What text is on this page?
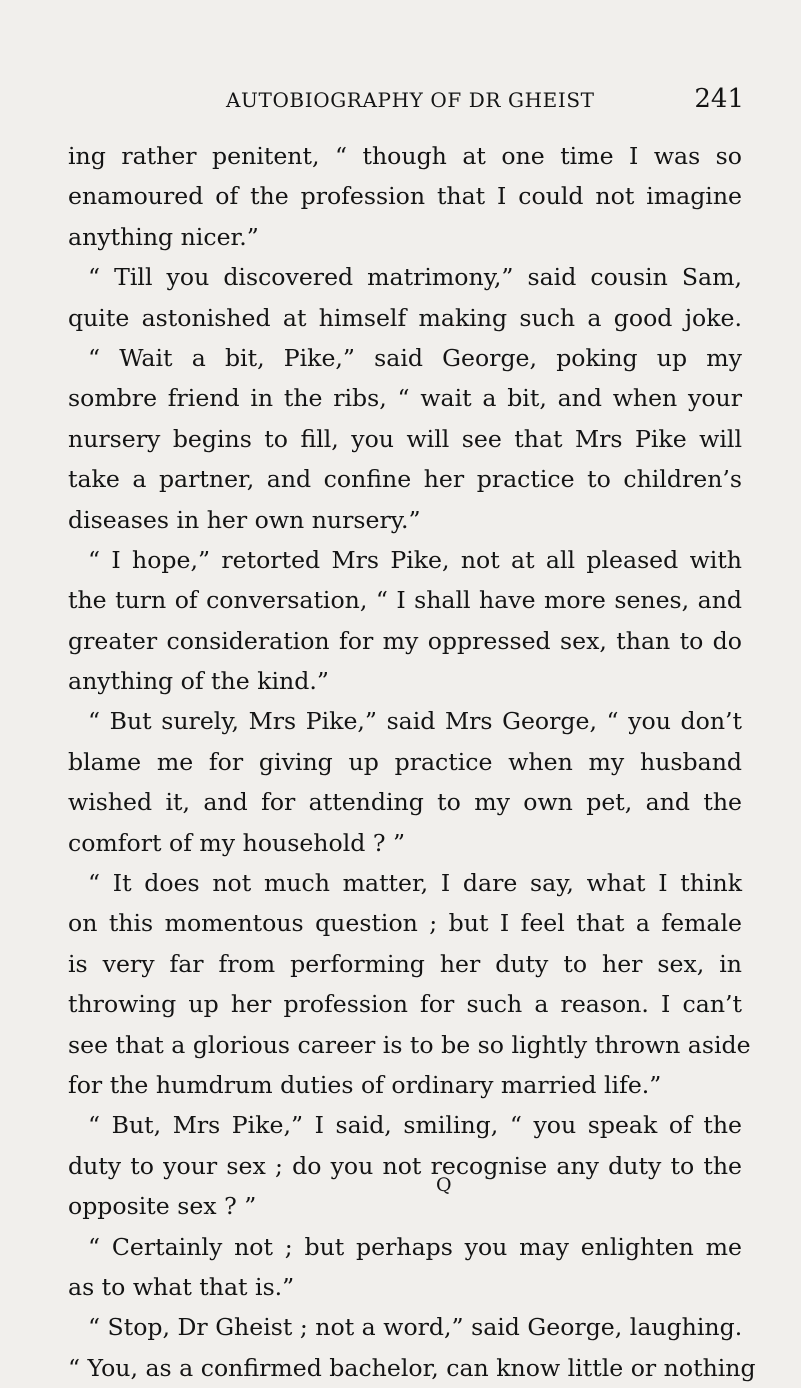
AUTOBIOGRAPHY OF DR GHEIST	241
ing rather penitent, “ though at one time I was so
enamoured of the profession that I could not imagine
anything nicer.”
“ Till you discovered matrimony,” said cousin Sam,
quite astonished at himself making such a good joke.
“ Wait a bit, Pike,” said George, poking up my
sombre friend in the ribs, “ wait a bit, and when your
nursery begins to fill, you will see that Mrs Pike will
take a partner, and confine her practice to children’s
diseases in her own nursery.”
“ I hope,” retorted Mrs Pike, not at all pleased with
the turn of conversation, “ I shall have more senes, and
greater consideration for my oppressed sex, than to do
anything of the kind.”
“ But surely, Mrs Pike,” said Mrs George, “ you don’t
blame me for giving up practice when my husband
wished it, and for attending to my own pet, and the
comfort of my household ? ”
“ It does not much matter, I dare say, what I think
on this momentous question ; but I feel that a female
is very far from performing her duty to her sex, in
throwing up her profession for such a reason. I can’t
see that a glorious career is to be so lightly thrown aside
for the humdrum duties of ordinary married life.”
“ But, Mrs Pike,” I said, smiling, “ you speak of the
duty to your sex ; do you not recognise any duty to the
opposite sex ? ”
“ Certainly not ; but perhaps you may enlighten me
as to what that is.”
“ Stop, Dr Gheist ; not a word,” said George, laughing.
“ You, as a confirmed bachelor, can know little or nothing
Q
